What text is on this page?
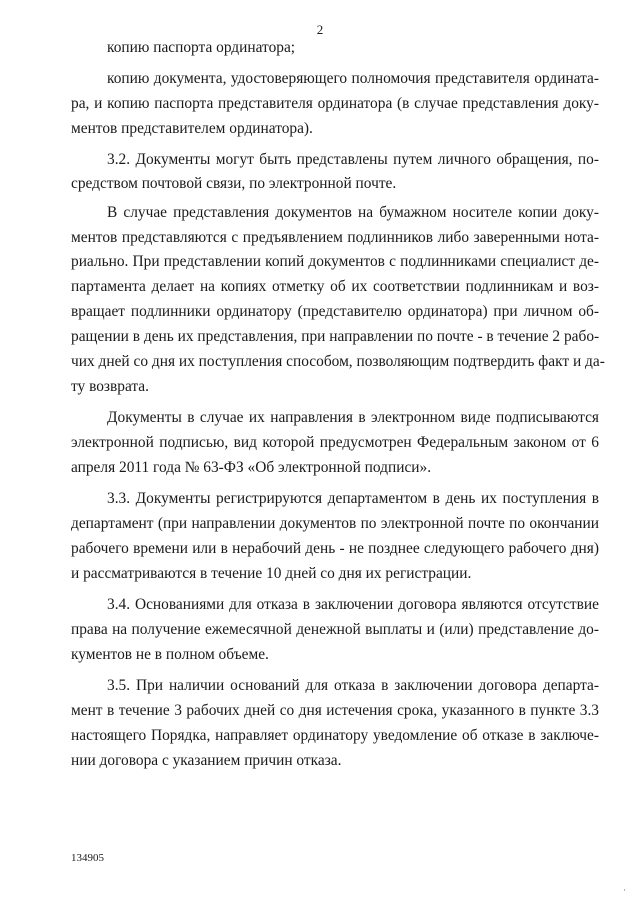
2
копию паспорта ординатора;
копию документа, удостоверяющего полномочия представителя ордината-
ра, и копию паспорта представителя ординатора (в случае представления доку-
ментов представителем ординатора).
3.2. Документы могут быть представлены путем личного обращения, по-
средством почтовой связи, по электронной почте.
В случае представления документов на бумажном носителе копии доку-
ментов представляются с предъявлением подлинников либо заверенными нота-
риально. При представлении копий документов с подлинниками специалист де-
партамента делает на копиях отметку об их соответствии подлинникам и воз-
вращает подлинники ординатору (представителю ординатора) при личном об-
ращении в день их представления, при направлении по почте - в течение 2 рабо-
чих дней со дня их поступления способом, позволяющим подтвердить факт и да-
ту возврата.
Документы в случае их направления в электронном виде подписываются
электронной подписью, вид которой предусмотрен Федеральным законом от 6
апреля 2011 года № 63-ФЗ «Об электронной подписи».
3.3. Документы регистрируются департаментом в день их поступления в
департамент (при направлении документов по электронной почте по окончании
рабочего времени или в нерабочий день - не позднее следующего рабочего дня)
и рассматриваются в течение 10 дней со дня их регистрации.
3.4. Основаниями для отказа в заключении договора являются отсутствие
права на получение ежемесячной денежной выплаты и (или) представление до-
кументов не в полном объеме.
3.5. При наличии оснований для отказа в заключении договора департа-
мент в течение 3 рабочих дней со дня истечения срока, указанного в пункте 3.3
настоящего Порядка, направляет ординатору уведомление об отказе в заключе-
нии договора с указанием причин отказа.
134905
·
